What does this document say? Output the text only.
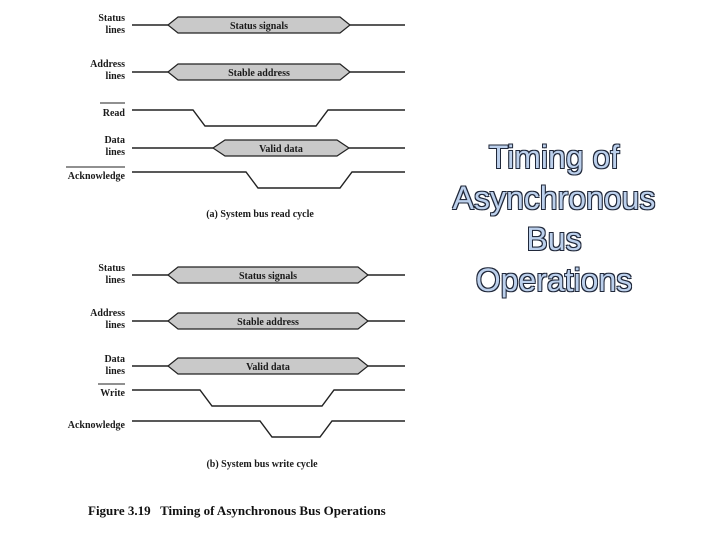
Status
lines
Address
lines
Read
Data
lines
Acknowledge
Status signals
Stable address
Valid data
(a) System bus read cycle
Status
lines
Address
lines
Data
lines
Write
Acknowledge
Status signals
Stable address
Valid data
(b) System bus write cycle
Figure 3.19   Timing of Asynchronous Bus Operations
Timing of
Asynchronous
Bus
Operations
